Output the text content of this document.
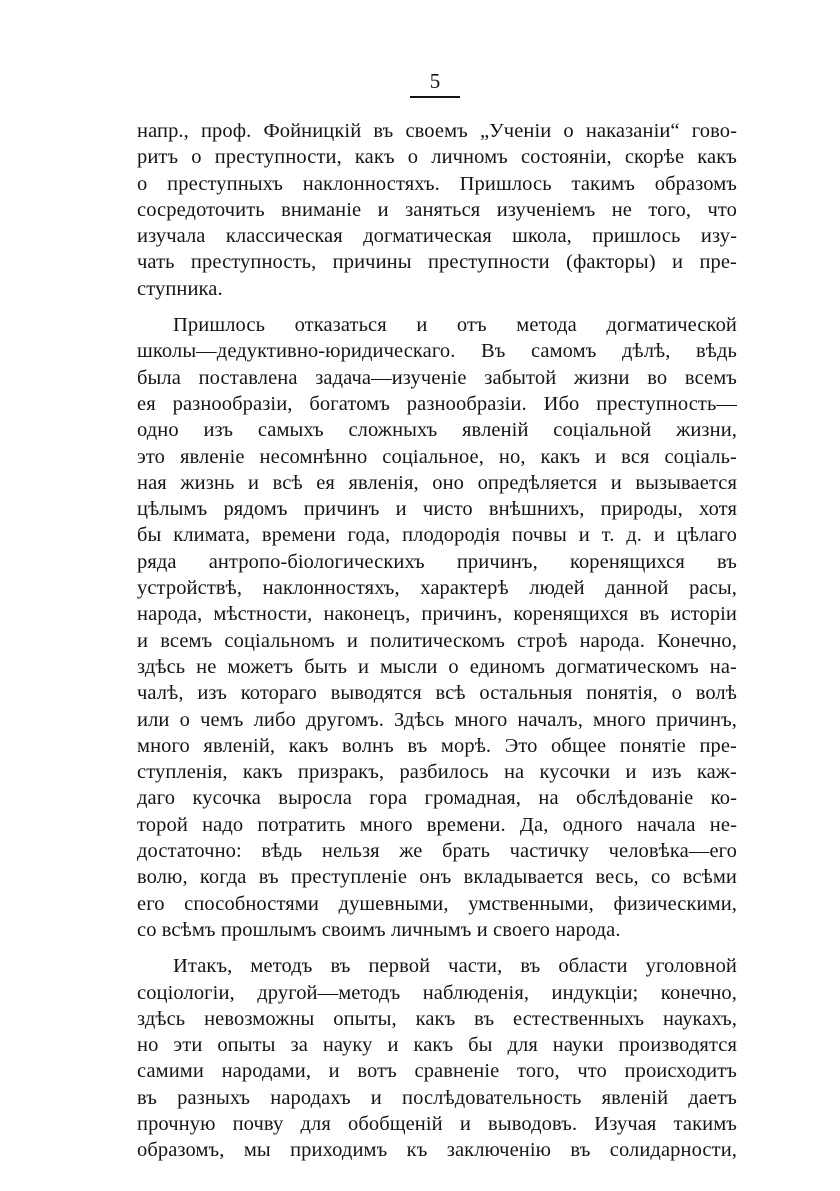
5
напр., проф. Фойницкій въ своемъ „Ученіи о наказаніи“ гово-
ритъ о преступности, какъ о личномъ состояніи, скорѣе какъ
о преступныхъ наклонностяхъ. Пришлось такимъ образомъ
сосредоточить вниманіе и заняться изученіемъ не того, что
изучала классическая догматическая школа, пришлось изу-
чать преступность, причины преступности (факторы) и пре-
ступника.
Пришлось отказаться и отъ метода догматической
школы—дедуктивно-юридическаго. Въ самомъ дѣлѣ, вѣдь
была поставлена задача—изученіе забытой жизни во всемъ
ея разнообразіи, богатомъ разнообразіи. Ибо преступность—
одно изъ самыхъ сложныхъ явленій соціальной жизни,
это явленіе несомнѣнно соціальное, но, какъ и вся соціаль-
ная жизнь и всѣ ея явленія, оно опредѣляется и вызывается
цѣлымъ рядомъ причинъ и чисто внѣшнихъ, природы, хотя
бы климата, времени года, плодородія почвы и т. д. и цѣлаго
ряда антропо-біологическихъ причинъ, коренящихся въ
устройствѣ, наклонностяхъ, характерѣ людей данной расы,
народа, мѣстности, наконецъ, причинъ, коренящихся въ исторіи
и всемъ соціальномъ и политическомъ строѣ народа. Конечно,
здѣсь не можетъ быть и мысли о единомъ догматическомъ на-
чалѣ, изъ котораго выводятся всѣ остальныя понятія, о волѣ
или о чемъ либо другомъ. Здѣсь много началъ, много причинъ,
много явленій, какъ волнъ въ морѣ. Это общее понятіе пре-
ступленія, какъ призракъ, разбилось на кусочки и изъ каж-
даго кусочка выросла гора громадная, на обслѣдованіе ко-
торой надо потратить много времени. Да, одного начала не-
достаточно: вѣдь нельзя же брать частичку человѣка—его
волю, когда въ преступленіе онъ вкладывается весь, со всѣми
его способностями душевными, умственными, физическими,
со всѣмъ прошлымъ своимъ личнымъ и своего народа.
Итакъ, методъ въ первой части, въ области уголовной
соціологіи, другой—методъ наблюденія, индукціи; конечно,
здѣсь невозможны опыты, какъ въ естественныхъ наукахъ,
но эти опыты за науку и какъ бы для науки производятся
самими народами, и вотъ сравненіе того, что происходитъ
въ разныхъ народахъ и послѣдовательность явленій даетъ
прочную почву для обобщеній и выводовъ. Изучая такимъ
образомъ, мы приходимъ къ заключенію въ солидарности,
